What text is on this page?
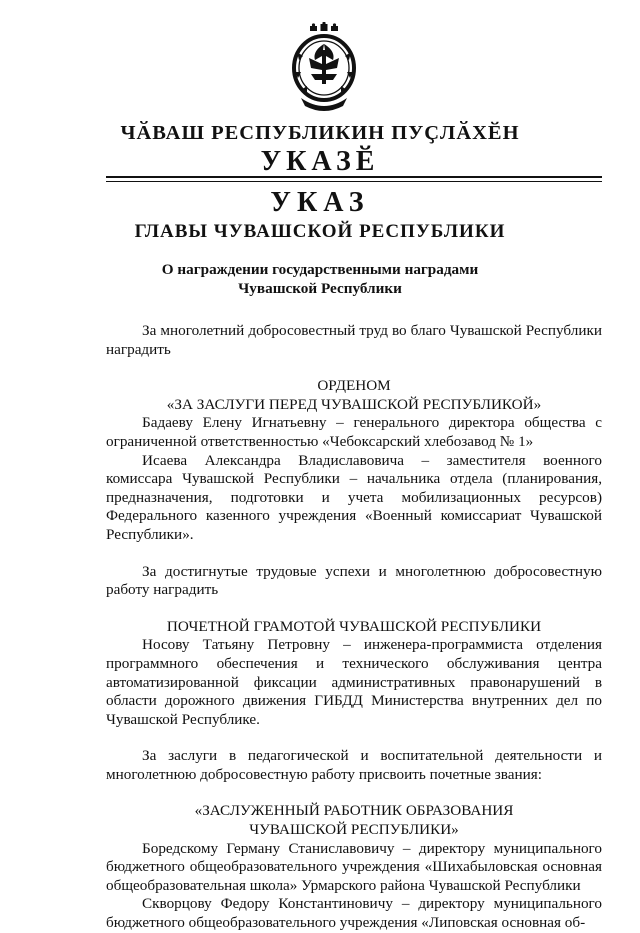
ЧӐВАШ РЕСПУБЛИКИН ПУҪЛӐХӖН
УКАЗӖ
УКАЗ
ГЛАВЫ ЧУВАШСКОЙ РЕСПУБЛИКИ
О награждении государственными наградами
Чувашской Республики

За многолетний добросовестный труд во благо Чувашской Республики наградить

ОРДЕНОМ

«ЗА ЗАСЛУГИ ПЕРЕД ЧУВАШСКОЙ РЕСПУБЛИКОЙ»

Бадаеву Елену Игнатьевну – генерального директора общества с ограниченной ответственностью «Чебоксарский хлебозавод № 1»

Исаева Александра Владиславовича – заместителя военного комиссара Чувашской Республики – начальника отдела (планирования, предназначения, подготовки и учета мобилизационных ресурсов) Федерального казенного учреждения «Военный комиссариат Чувашской Республики».

За достигнутые трудовые успехи и многолетнюю добросовестную работу наградить

ПОЧЕТНОЙ ГРАМОТОЙ ЧУВАШСКОЙ РЕСПУБЛИКИ

Носову Татьяну Петровну – инженера-программиста отделения программного обеспечения и технического обслуживания центра автоматизированной фиксации административных правонарушений в области дорожного движения ГИБДД Министерства внутренних дел по Чувашской Республике.

За заслуги в педагогической и воспитательной деятельности и многолетнюю добросовестную работу присвоить почетные звания:

«ЗАСЛУЖЕННЫЙ РАБОТНИК ОБРАЗОВАНИЯ

ЧУВАШСКОЙ РЕСПУБЛИКИ»

Боредскому Герману Станиславовичу – директору муниципального бюджетного общеобразовательного учреждения «Шихабыловская основная общеобразовательная школа» Урмарского района Чувашской Республики

Скворцову Федору Константиновичу – директору муниципального бюджетного общеобразовательного учреждения «Липовская основная об-
